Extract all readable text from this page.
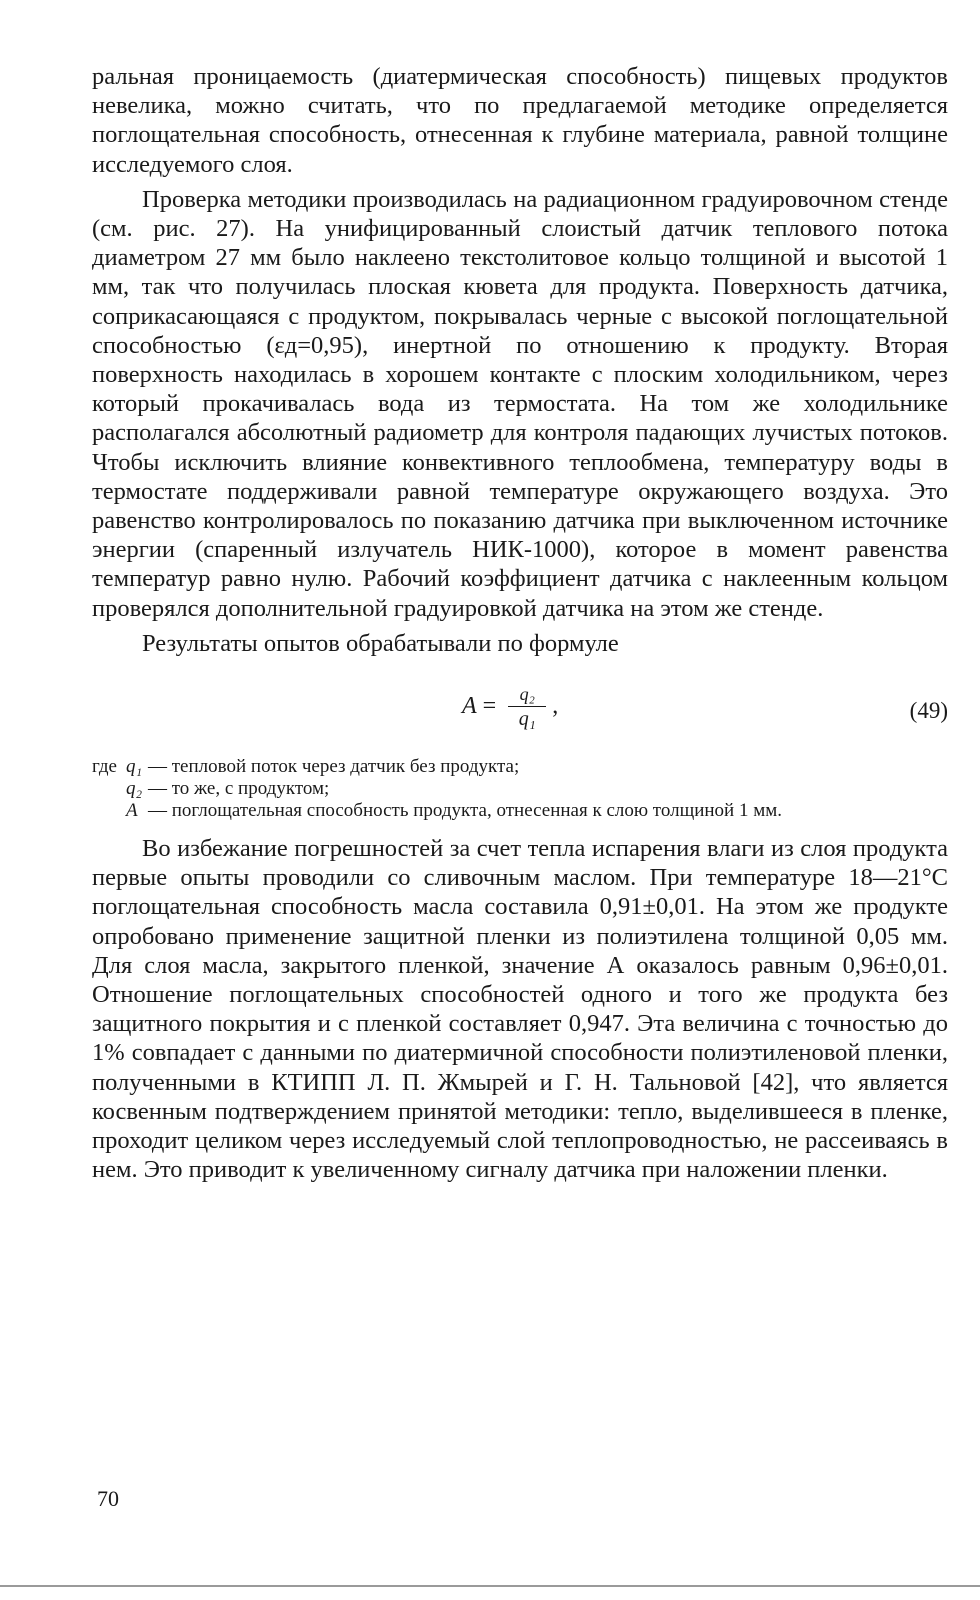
ральная проницаемость (диатермическая способность) пищевых продуктов невелика, можно считать, что по предлагаемой методике определяется поглощательная способность, отнесенная к глубине материала, равной толщине исследуемого слоя.

Проверка методики производилась на радиационном градуировочном стенде (см. рис. 27). На унифицированный слоистый датчик теплового потока диаметром 27 мм было наклеено текстолитовое кольцо толщиной и высотой 1 мм, так что получилась плоская кювета для продукта. Поверхность датчика, соприкасающаяся с продуктом, покрывалась черные с высокой поглощательной способностью (εд=0,95), инертной по отношению к продукту. Вторая поверхность находилась в хорошем контакте с плоским холодильником, через который прокачивалась вода из термостата. На том же холодильнике располагался абсолютный радиометр для контроля падающих лучистых потоков. Чтобы исключить влияние конвективного теплообмена, температуру воды в термостате поддерживали равной температуре окружающего воздуха. Это равенство контролировалось по показанию датчика при выключенном источнике энергии (спаренный излучатель НИК-1000), которое в момент равенства температур равно нулю. Рабочий коэффициент датчика с наклеенным кольцом проверялся дополнительной градуировкой датчика на этом же стенде.

Результаты опытов обрабатывали по формуле

$A = \frac{\text{q₂}}{\text{q₁}}$ ,	(49)
где q₁ — тепловой поток через датчик без продукта;
q₂ — то же, с продуктом;
A — поглощательная способность продукта, отнесенная к слою толщиной 1 мм.

Во избежание погрешностей за счет тепла испарения влаги из слоя продукта первые опыты проводили со сливочным маслом. При температуре 18—21°С поглощательная способность масла составила 0,91±0,01. На этом же продукте опробовано применение защитной пленки из полиэтилена толщиной 0,05 мм. Для слоя масла, закрытого пленкой, значение А оказалось равным 0,96±0,01. Отношение поглощательных способностей одного и того же продукта без защитного покрытия и с пленкой составляет 0,947. Эта величина с точностью до 1% совпадает с данными по диатермичной способности полиэтиленовой пленки, полученными в КТИПП Л. П. Жмырей и Г. Н. Тальновой [42], что является косвенным подтверждением принятой методики: тепло, выделившееся в пленке, проходит целиком через исследуемый слой теплопроводностью, не рассеиваясь в нем. Это приводит к увеличенному сигналу датчика при наложении пленки.

70
